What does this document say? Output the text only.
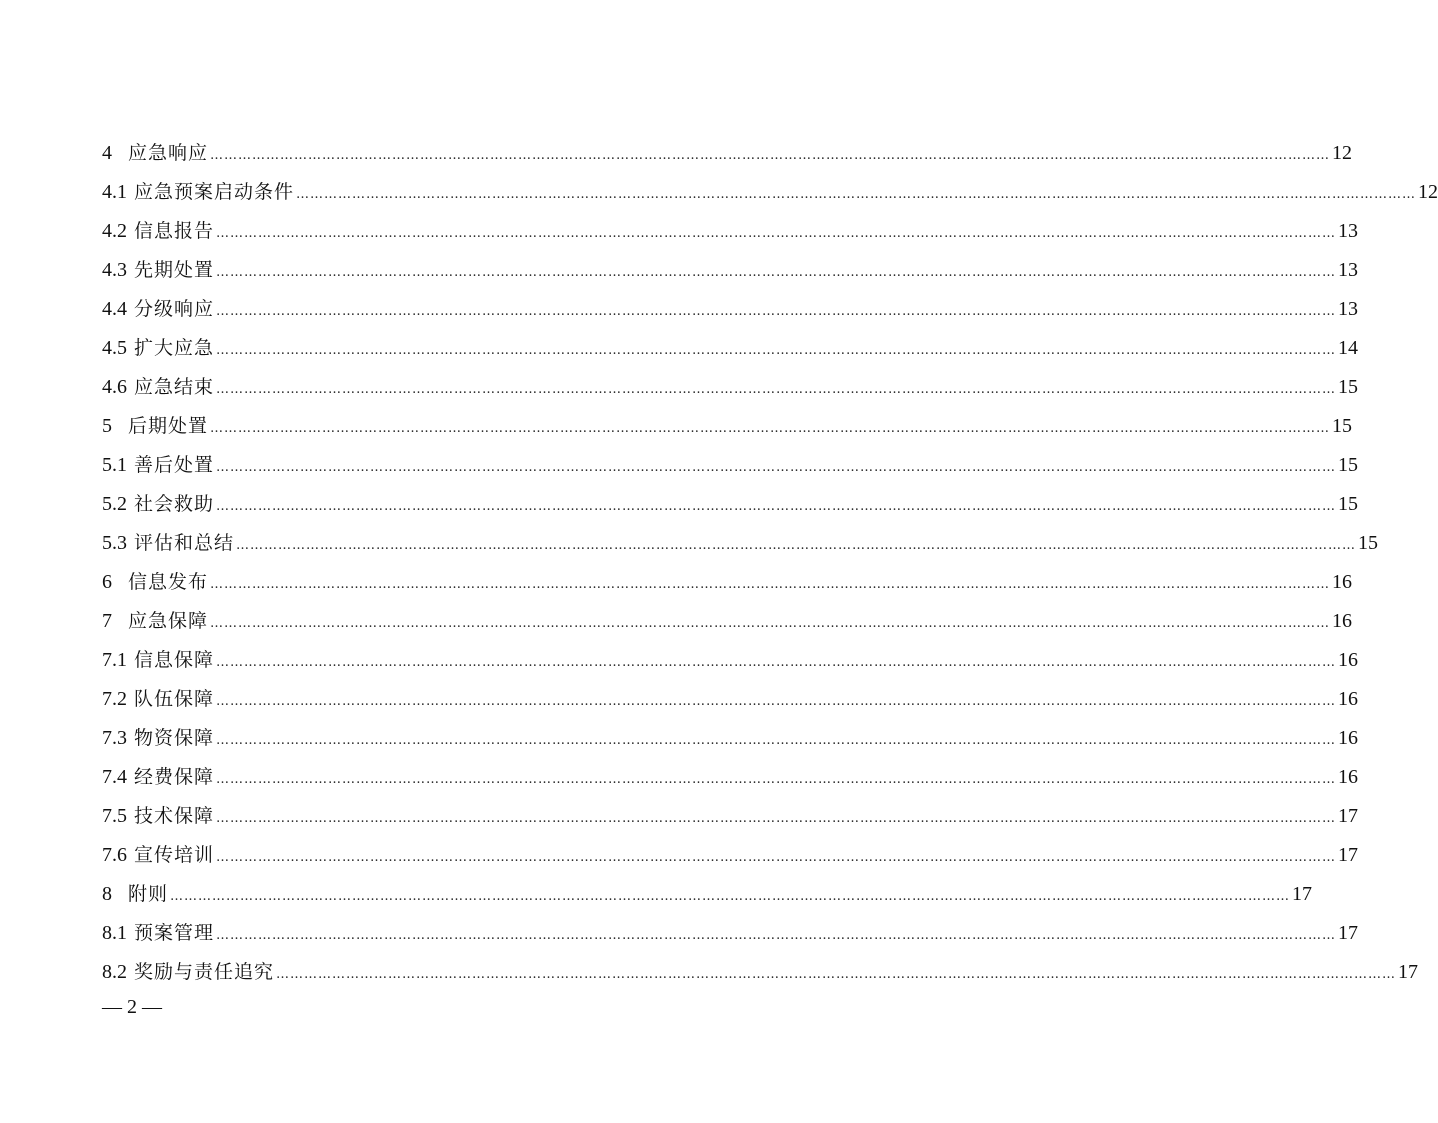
4 应急响应 …………………………………………………………………………………………………………………………………………………………………………………………………………………… 12
4.1 应急预案启动条件 …………………………………………………………………………………………………………………………………………………………………………………………………………………… 12
4.2 信息报告 …………………………………………………………………………………………………………………………………………………………………………………………………………………… 13
4.3 先期处置 …………………………………………………………………………………………………………………………………………………………………………………………………………………… 13
4.4 分级响应 …………………………………………………………………………………………………………………………………………………………………………………………………………………… 13
4.5 扩大应急 …………………………………………………………………………………………………………………………………………………………………………………………………………………… 14
4.6 应急结束 …………………………………………………………………………………………………………………………………………………………………………………………………………………… 15
5 后期处置 …………………………………………………………………………………………………………………………………………………………………………………………………………………… 15
5.1 善后处置 …………………………………………………………………………………………………………………………………………………………………………………………………………………… 15
5.2 社会救助 …………………………………………………………………………………………………………………………………………………………………………………………………………………… 15
5.3 评估和总结 …………………………………………………………………………………………………………………………………………………………………………………………………………………… 15
6 信息发布 …………………………………………………………………………………………………………………………………………………………………………………………………………………… 16
7 应急保障 …………………………………………………………………………………………………………………………………………………………………………………………………………………… 16
7.1 信息保障 …………………………………………………………………………………………………………………………………………………………………………………………………………………… 16
7.2 队伍保障 …………………………………………………………………………………………………………………………………………………………………………………………………………………… 16
7.3 物资保障 …………………………………………………………………………………………………………………………………………………………………………………………………………………… 16
7.4 经费保障 …………………………………………………………………………………………………………………………………………………………………………………………………………………… 16
7.5 技术保障 …………………………………………………………………………………………………………………………………………………………………………………………………………………… 17
7.6 宣传培训 …………………………………………………………………………………………………………………………………………………………………………………………………………………… 17
8 附则 …………………………………………………………………………………………………………………………………………………………………………………………………………………… 17
8.1 预案管理 …………………………………………………………………………………………………………………………………………………………………………………………………………………… 17
8.2 奖励与责任追究 …………………………………………………………………………………………………………………………………………………………………………………………………………………… 17
— 2 —
